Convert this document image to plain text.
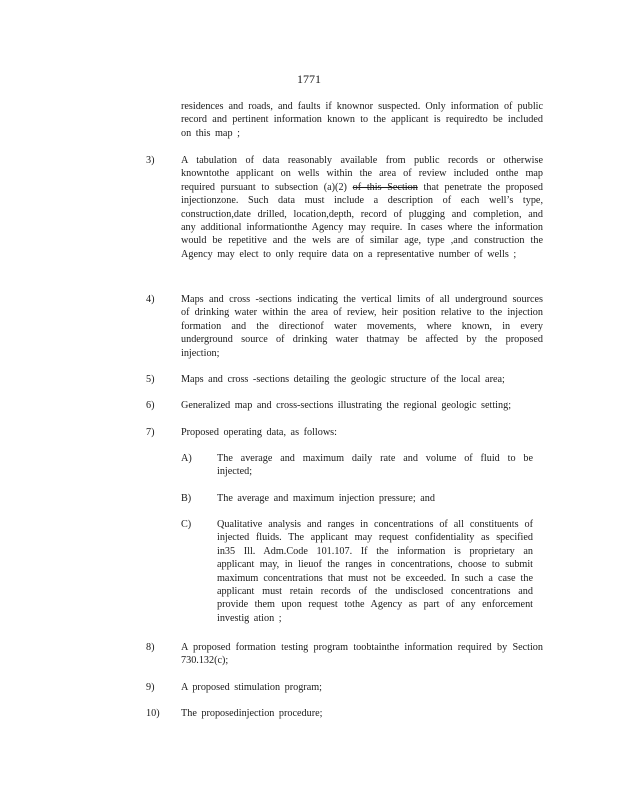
1771
residences and roads, and faults if knownor suspected. Only information of public record and pertinent information known to the applicant is requiredto be included on this map ;
3)	A tabulation of data reasonably available from public records or otherwise knowntothe applicant on wells within the area of review included onthe map required pursuant to subsection (a)(2) of this Section that penetrate the proposed injectionzone. Such data must include a description of each well’s type, construction,date drilled, location,depth, record of plugging and completion, and any additional informationthe Agency may require. In cases where the information would be repetitive and the wels are of similar age, type ,and construction the Agency may elect to only require data on a representative number of wells ;
4)	Maps and cross -sections indicating the vertical limits of all underground sources of drinking water within the area of review, heir position relative to the injection formation and the directionof water movements, where known, in every underground source of drinking water thatmay be affected by the proposed injection;
5)	Maps and cross -sections detailing the geologic structure of the local area;
6)	Generalized map and cross-sections illustrating the regional geologic setting;
7)	Proposed operating data, as follows:
A) The average and maximum daily rate and volume of fluid to be injected;
B)	The average and maximum injection pressure; and
C)	Qualitative analysis and ranges in concentrations of all constituents of injected fluids. The applicant may request confidentiality as specified in35 Ill. Adm.Code 101.107. If the information is proprietary an applicant may, in lieuof the ranges in concentrations, choose to submit maximum concentrations that must not be exceeded. In such a case the applicant must retain records of the undisclosed concentrations and provide them upon request tothe Agency as part of any enforcement investig ation ;
8)	A proposed formation testing program toobtainthe information required by Section 730.132(c);
9)	A proposed stimulation program;
10) The proposedinjection procedure;
